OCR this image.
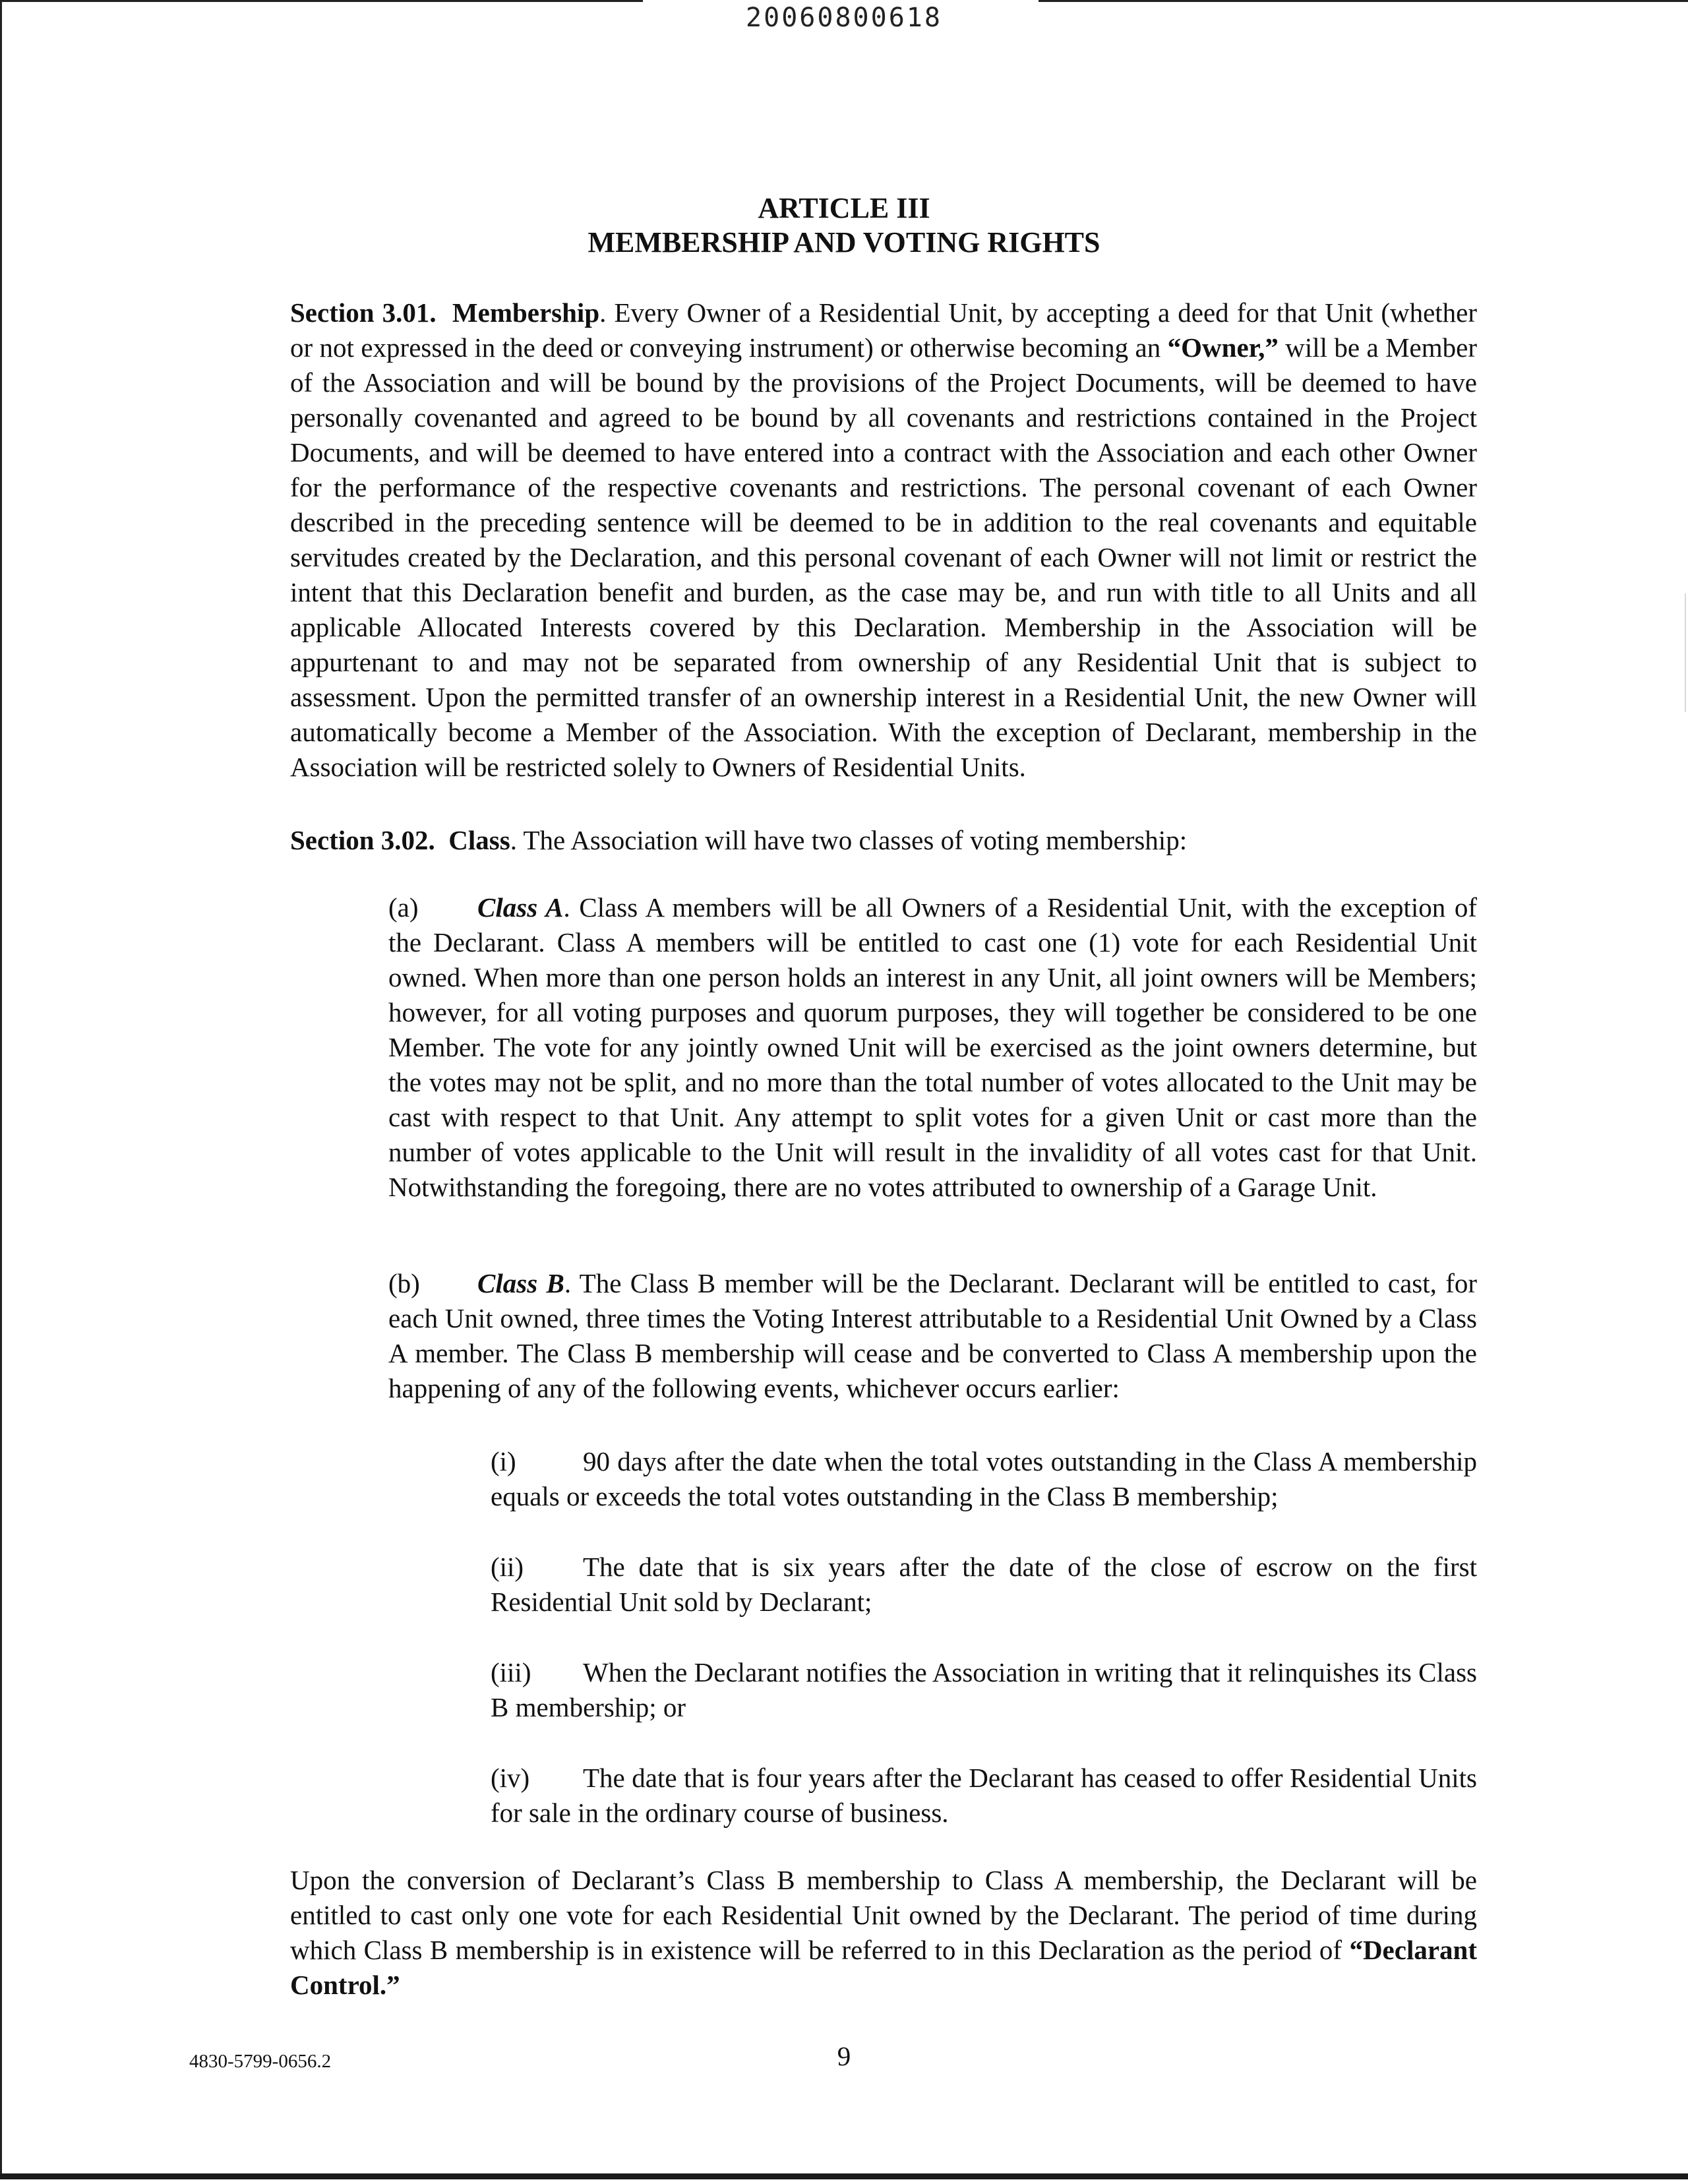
20060800618
ARTICLE III
MEMBERSHIP AND VOTING RIGHTS

Section 3.01. Membership. Every Owner of a Residential Unit, by accepting a deed for that Unit (whether or not expressed in the deed or conveying instrument) or otherwise becoming an “Owner,” will be a Member of the Association and will be bound by the provisions of the Project Documents, will be deemed to have personally covenanted and agreed to be bound by all covenants and restrictions contained in the Project Documents, and will be deemed to have entered into a contract with the Association and each other Owner for the performance of the respective covenants and restrictions. The personal covenant of each Owner described in the preceding sentence will be deemed to be in addition to the real covenants and equitable servitudes created by the Declaration, and this personal covenant of each Owner will not limit or restrict the intent that this Declaration benefit and burden, as the case may be, and run with title to all Units and all applicable Allocated Interests covered by this Declaration. Membership in the Association will be appurtenant to and may not be separated from ownership of any Residential Unit that is subject to assessment. Upon the permitted transfer of an ownership interest in a Residential Unit, the new Owner will automatically become a Member of the Association. With the exception of Declarant, membership in the Association will be restricted solely to Owners of Residential Units.

Section 3.02. Class. The Association will have two classes of voting membership:

(a) Class A. Class A members will be all Owners of a Residential Unit, with the exception of the Declarant. Class A members will be entitled to cast one (1) vote for each Residential Unit owned. When more than one person holds an interest in any Unit, all joint owners will be Members; however, for all voting purposes and quorum purposes, they will together be considered to be one Member. The vote for any jointly owned Unit will be exercised as the joint owners determine, but the votes may not be split, and no more than the total number of votes allocated to the Unit may be cast with respect to that Unit. Any attempt to split votes for a given Unit or cast more than the number of votes applicable to the Unit will result in the invalidity of all votes cast for that Unit. Notwithstanding the foregoing, there are no votes attributed to ownership of a Garage Unit.

(b) Class B. The Class B member will be the Declarant. Declarant will be entitled to cast, for each Unit owned, three times the Voting Interest attributable to a Residential Unit Owned by a Class A member. The Class B membership will cease and be converted to Class A membership upon the happening of any of the following events, whichever occurs earlier:

(i) 90 days after the date when the total votes outstanding in the Class A membership equals or exceeds the total votes outstanding in the Class B membership;

(ii) The date that is six years after the date of the close of escrow on the first Residential Unit sold by Declarant;

(iii) When the Declarant notifies the Association in writing that it relinquishes its Class B membership; or

(iv) The date that is four years after the Declarant has ceased to offer Residential Units for sale in the ordinary course of business.

Upon the conversion of Declarant’s Class B membership to Class A membership, the Declarant will be entitled to cast only one vote for each Residential Unit owned by the Declarant. The period of time during which Class B membership is in existence will be referred to in this Declaration as the period of “Declarant Control.”

4830-5799-0656.2	9
